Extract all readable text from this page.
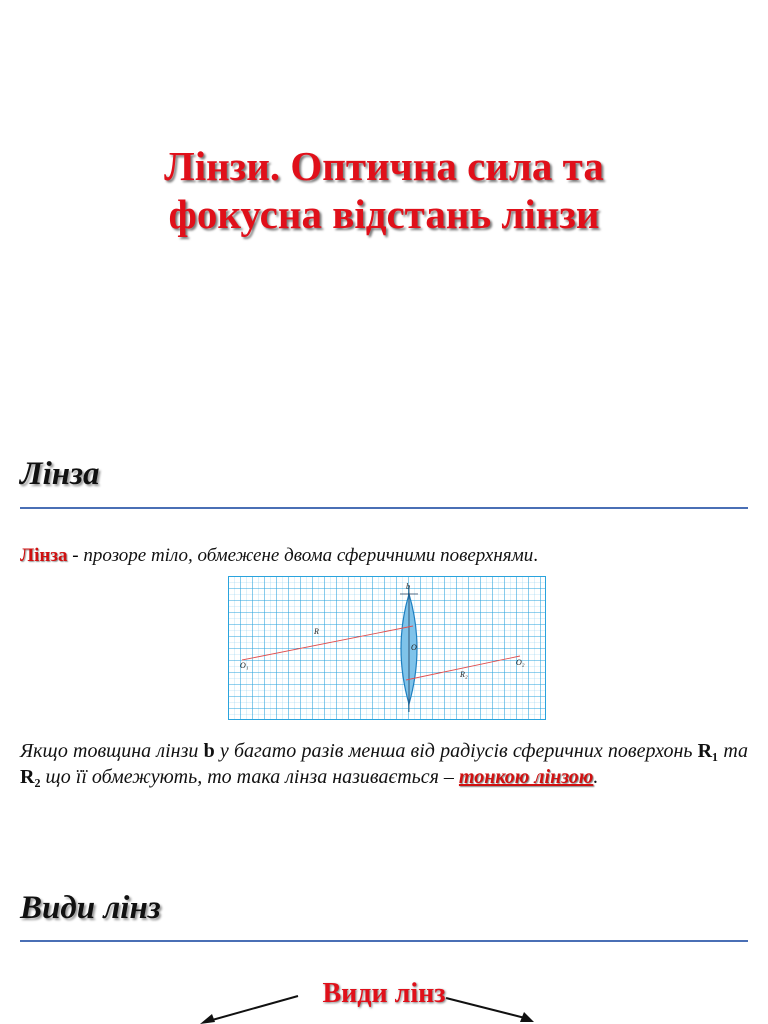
Лінзи. Оптична сила та
фокусна відстань лінзи
Лінза
Лінза - прозоре тіло, обмежене двома сферичними поверхнями.
b
R
O
R₂
O₁	O₂
Якщо товщина лінзи b у багато разів менша від радіусів сферичних поверхонь R₁ та R₂ що її обмежують, то така лінза називається – тонкою лінзою.
Види лінз
Види лінз
